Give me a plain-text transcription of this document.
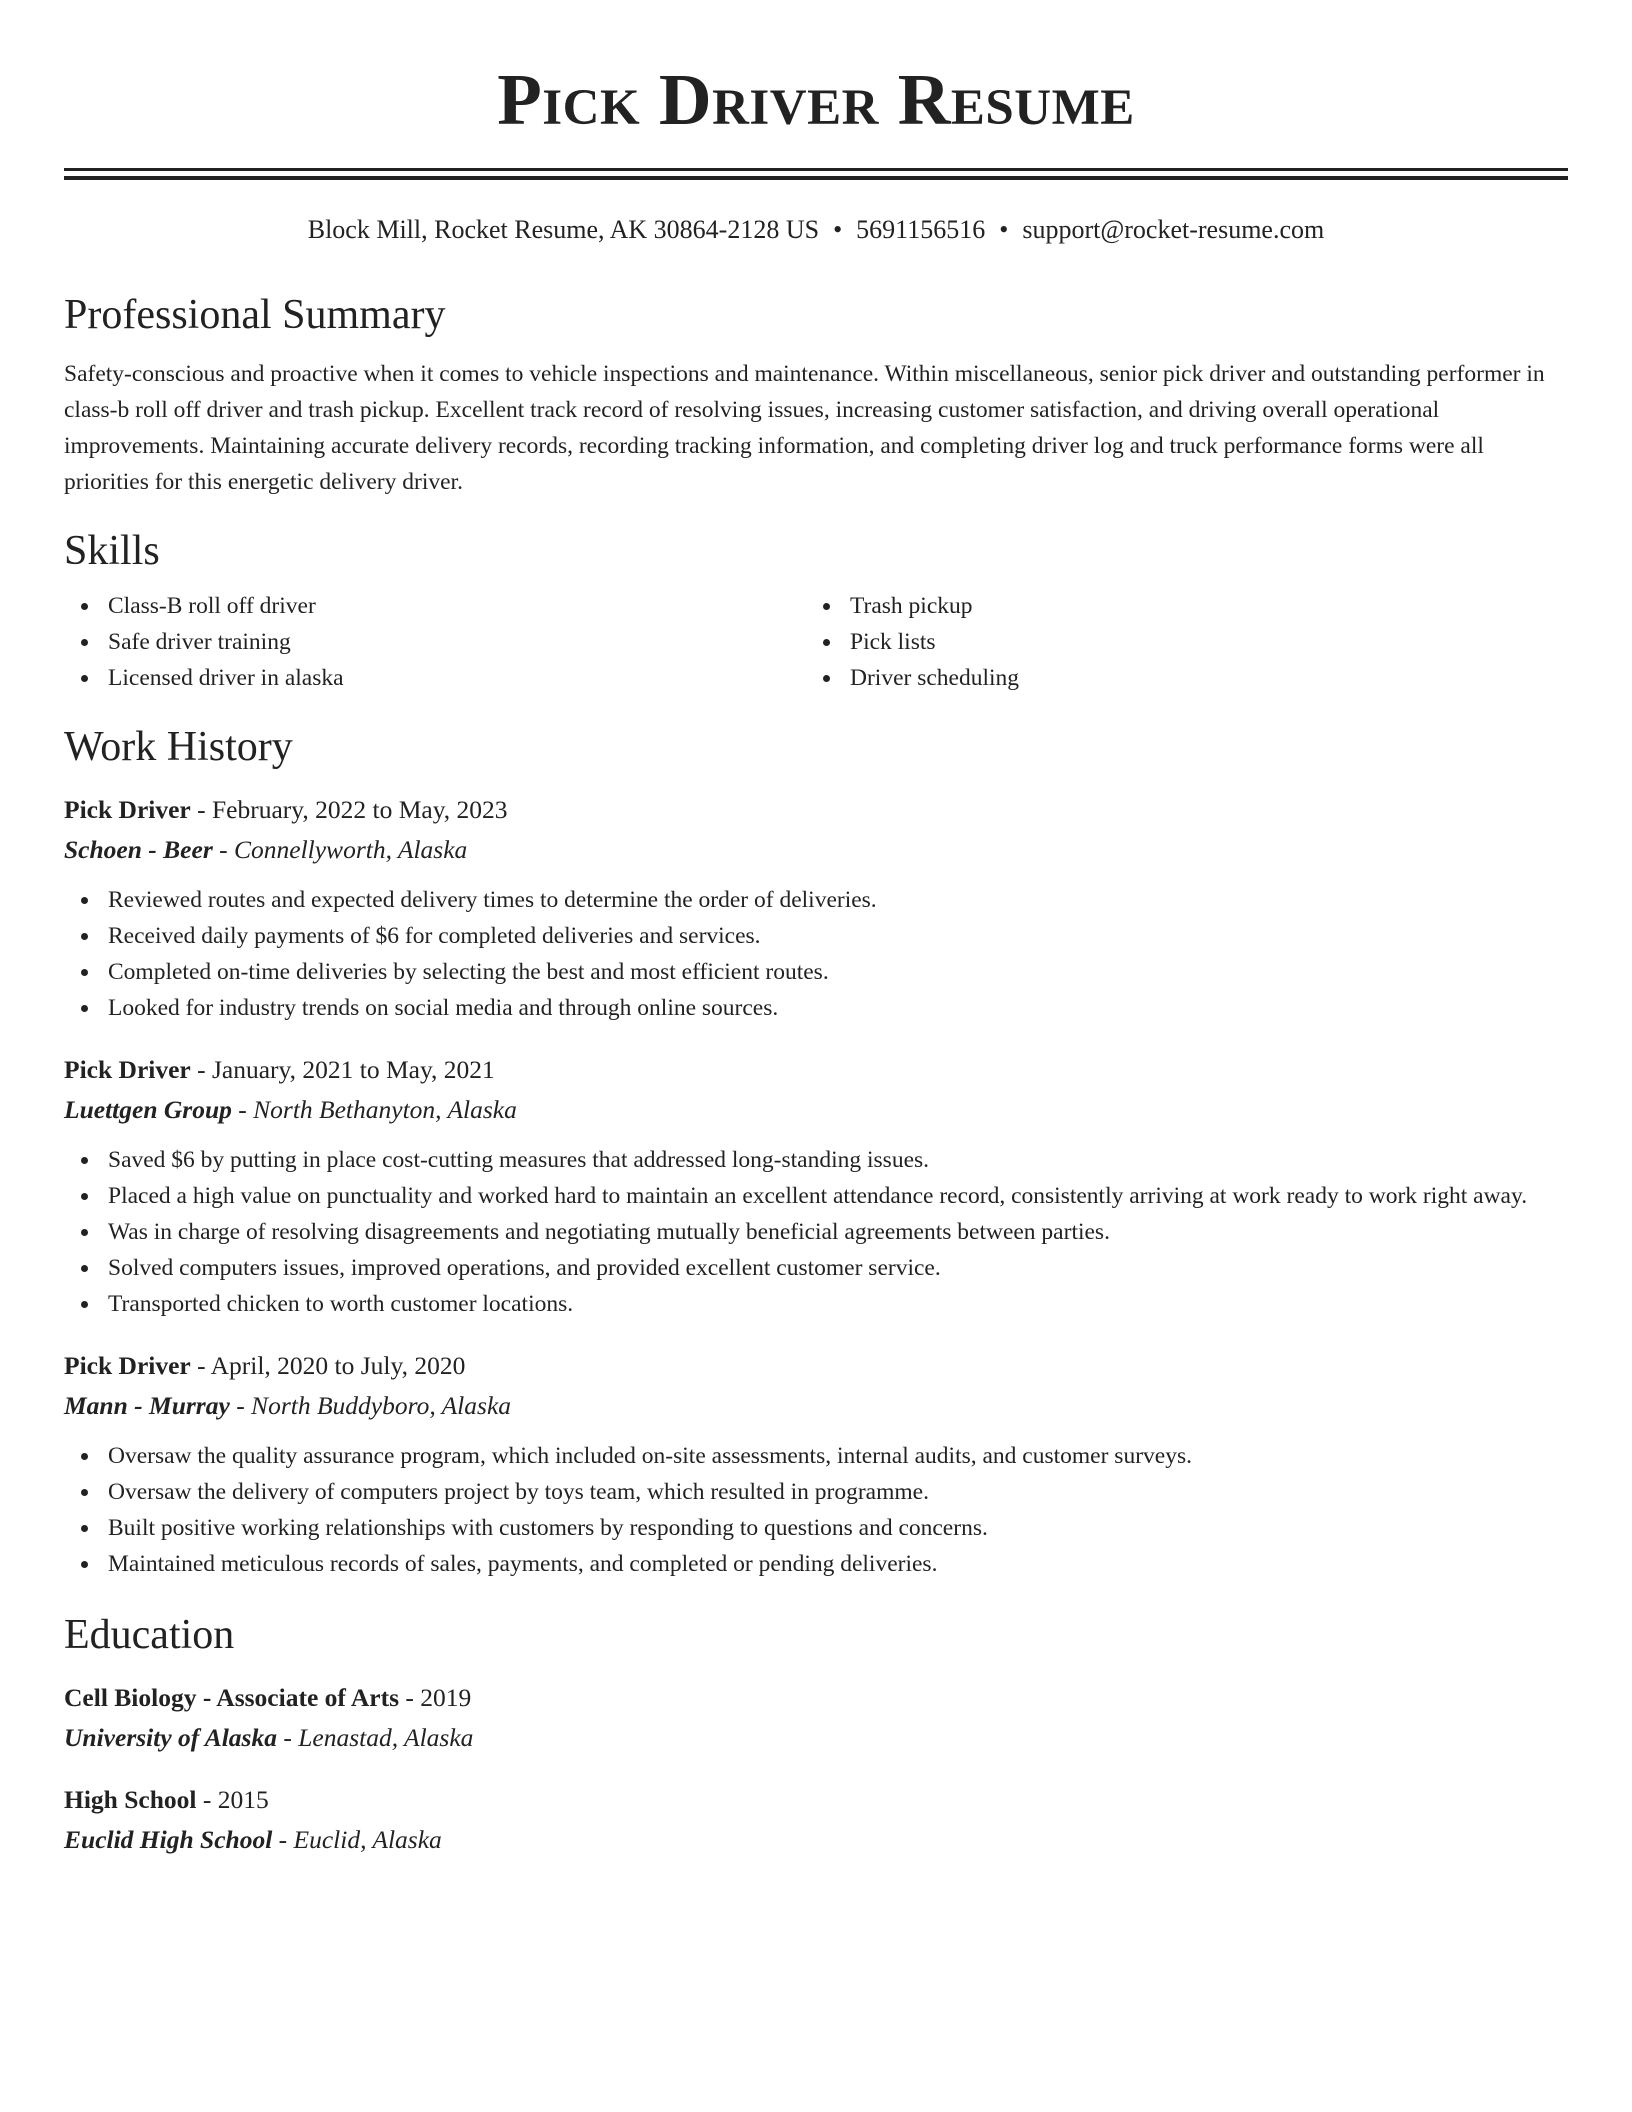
Pick Driver Resume
Block Mill, Rocket Resume, AK 30864-2128 US • 5691156516 • support@rocket-resume.com
Professional Summary

Safety-conscious and proactive when it comes to vehicle inspections and maintenance. Within miscellaneous, senior pick driver and outstanding performer in class-b roll off driver and trash pickup. Excellent track record of resolving issues, increasing customer satisfaction, and driving overall operational improvements. Maintaining accurate delivery records, recording tracking information, and completing driver log and truck performance forms were all priorities for this energetic delivery driver.

Skills
Class-B roll off driver
Safe driver training
Licensed driver in alaska
Trash pickup
Pick lists
Driver scheduling
Work History
Pick Driver - February, 2022 to May, 2023
Schoen - Beer - Connellyworth, Alaska
Reviewed routes and expected delivery times to determine the order of deliveries.
Received daily payments of $6 for completed deliveries and services.
Completed on-time deliveries by selecting the best and most efficient routes.
Looked for industry trends on social media and through online sources.
Pick Driver - January, 2021 to May, 2021
Luettgen Group - North Bethanyton, Alaska
Saved $6 by putting in place cost-cutting measures that addressed long-standing issues.
Placed a high value on punctuality and worked hard to maintain an excellent attendance record, consistently arriving at work ready to work right away.
Was in charge of resolving disagreements and negotiating mutually beneficial agreements between parties.
Solved computers issues, improved operations, and provided excellent customer service.
Transported chicken to worth customer locations.
Pick Driver - April, 2020 to July, 2020
Mann - Murray - North Buddyboro, Alaska
Oversaw the quality assurance program, which included on-site assessments, internal audits, and customer surveys.
Oversaw the delivery of computers project by toys team, which resulted in programme.
Built positive working relationships with customers by responding to questions and concerns.
Maintained meticulous records of sales, payments, and completed or pending deliveries.
Education
Cell Biology - Associate of Arts - 2019
University of Alaska - Lenastad, Alaska
High School - 2015
Euclid High School - Euclid, Alaska
